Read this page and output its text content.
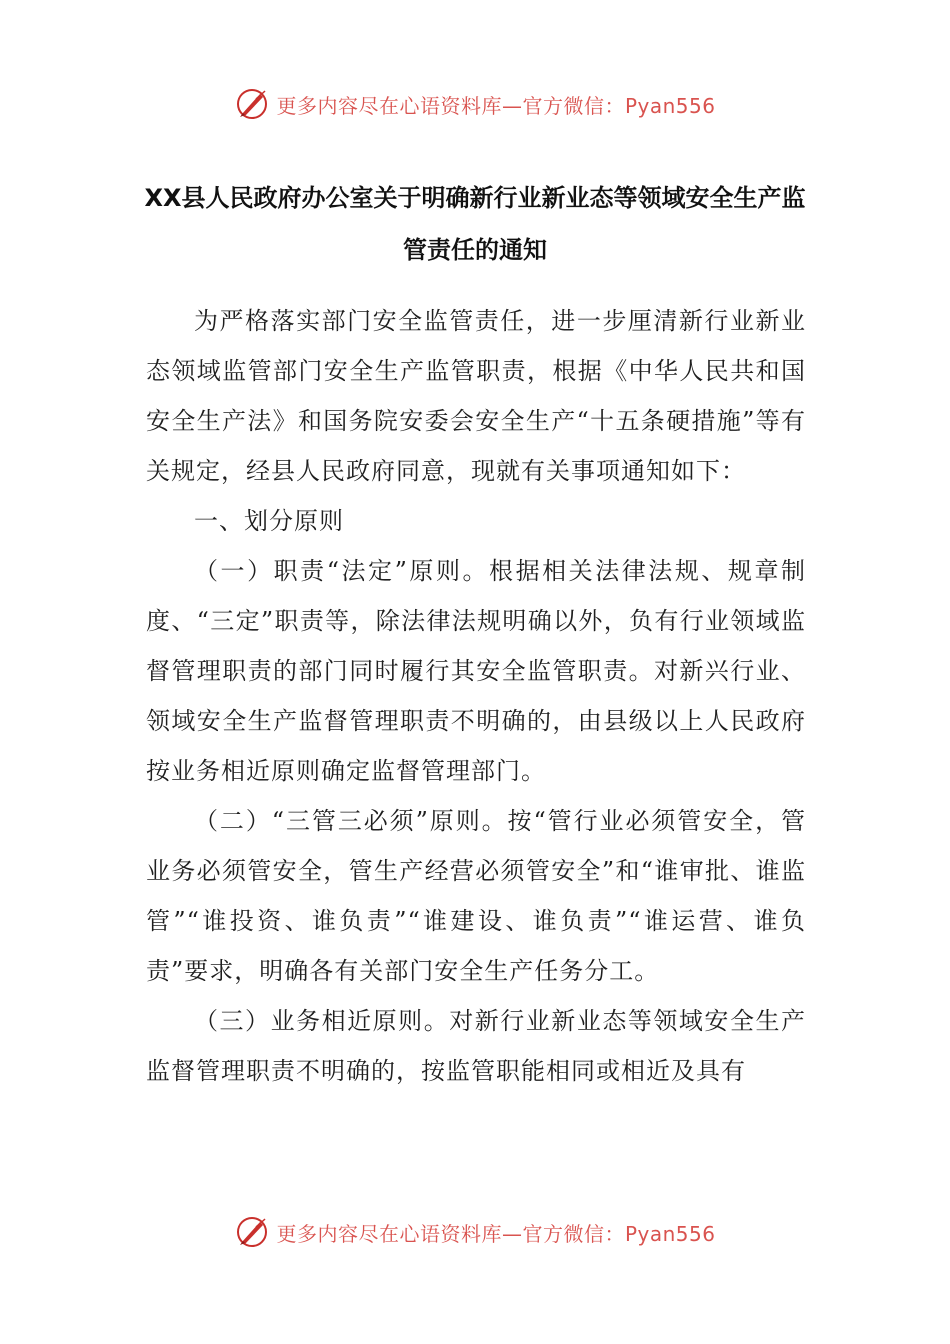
更多内容尽在心语资料库—官方微信：Pyan556
XX县人民政府办公室关于明确新行业新业态等领域安全生产监管责任的通知

为严格落实部门安全监管责任，进一步厘清新行业新业态领域监管部门安全生产监管职责，根据《中华人民共和国安全生产法》和国务院安委会安全生产“十五条硬措施”等有关规定，经县人民政府同意，现就有关事项通知如下：

一、划分原则

（一）职责“法定”原则。根据相关法律法规、规章制度、“三定”职责等，除法律法规明确以外，负有行业领域监督管理职责的部门同时履行其安全监管职责。对新兴行业、领域安全生产监督管理职责不明确的，由县级以上人民政府按业务相近原则确定监督管理部门。

（二）“三管三必须”原则。按“管行业必须管安全，管业务必须管安全，管生产经营必须管安全”和“谁审批、谁监管”“谁投资、谁负责”“谁建设、谁负责”“谁运营、谁负责”要求，明确各有关部门安全生产任务分工。

（三）业务相近原则。对新行业新业态等领域安全生产监督管理职责不明确的，按监管职能相同或相近及具有

更多内容尽在心语资料库—官方微信：Pyan556
